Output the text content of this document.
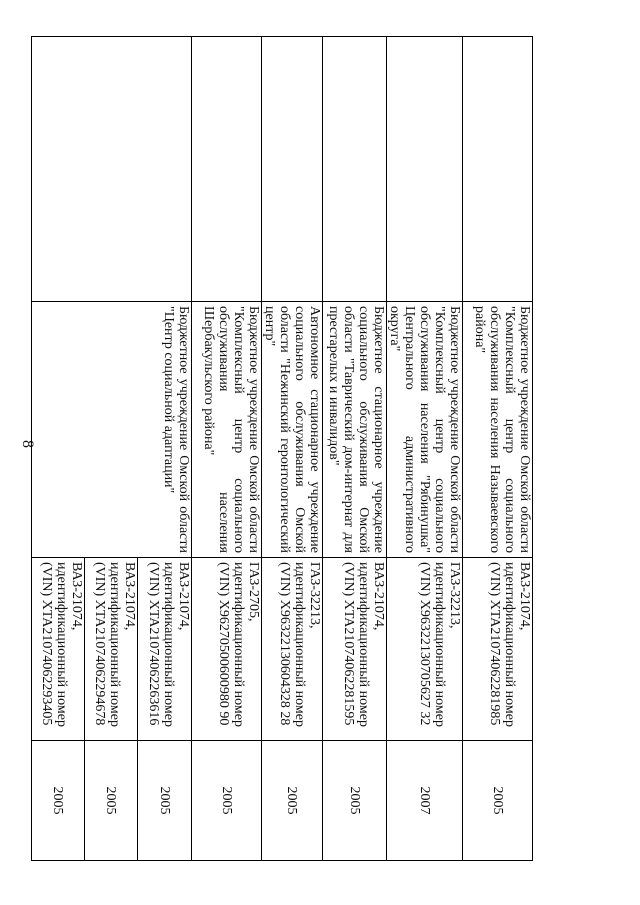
8
		Бюджетное учреждение Омской области "Комплексный центр социального обслуживания населения Называевского района"	ВАЗ-21074,
идентификационный номер
(VIN) XTA21074062281985	2005
	Бюджетное учреждение Омской области "Комплексный центр социального обслуживания населения "Рябинушка" Центрального административного округа"	ГАЗ-32213,
идентификационный номер
(VIN) X96322130705627 32	2007
	Бюджетное стационарное учреждение социального обслуживания Омской области "Таврический дом-интернат для престарелых и инвалидов"	ВАЗ-21074,
идентификационный номер
(VIN) XTA21074062281595	2005
	Автономное стационарное учреждение социального обслуживания Омской области "Нежинский геронтологический центр"	ГАЗ-32213,
идентификационный номер
(VIN) X96322130604328 28	2005
	Бюджетное учреждение Омской области "Комплексный центр социального обслуживания населения Шербакульского района"	ГАЗ-2705,
идентификационный номер
(VIN) X96270500600980 90	2005
	Бюджетное учреждение Омской области "Центр социальной адаптации"	ВАЗ-21074,
идентификационный номер
(VIN) XTA21074062263616	2005

		ВАЗ-21074,
идентификационный номер
(VIN) XTA21074062294678	2005

		ВАЗ-21074,
идентификационный номер
(VIN) XTA21074062293405	2005
